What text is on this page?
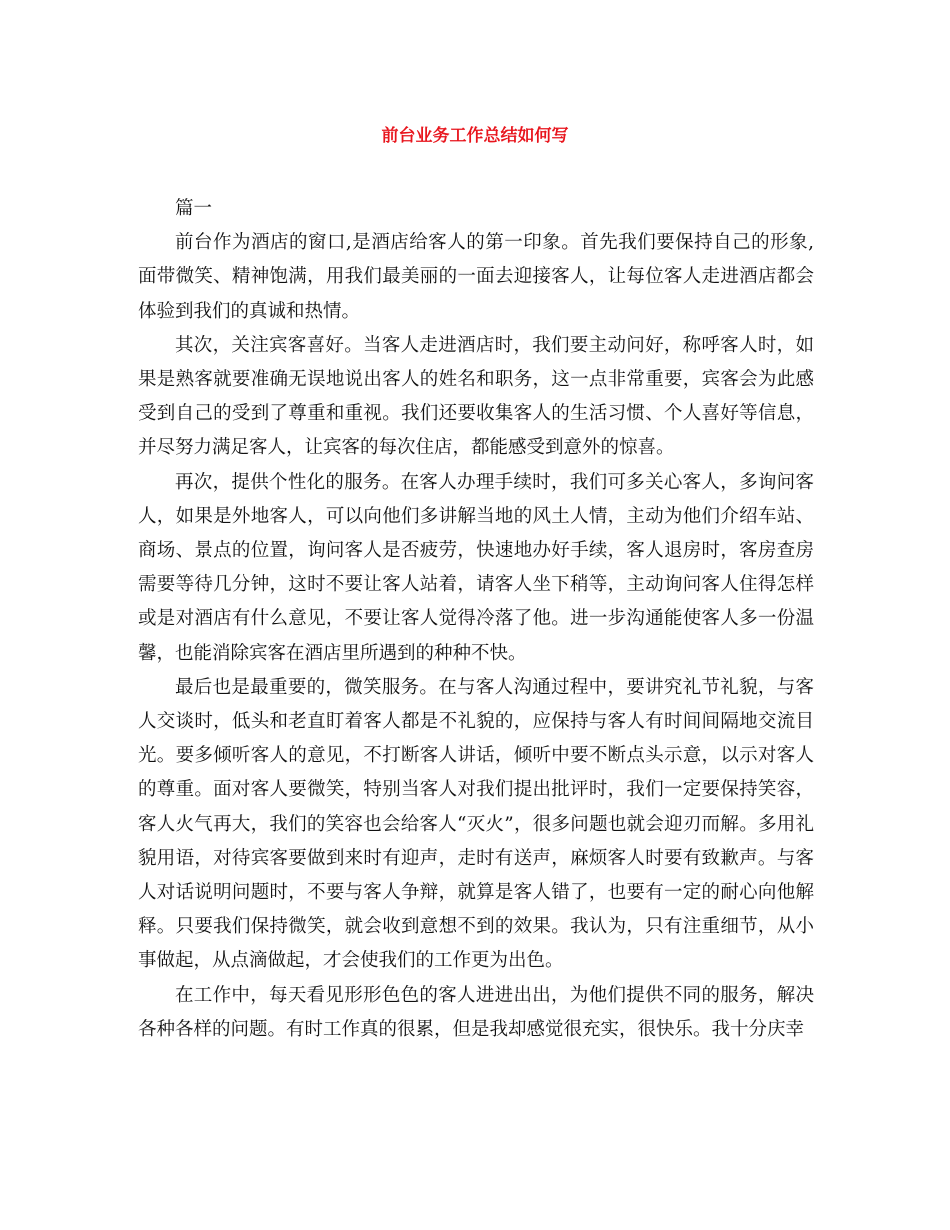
前台业务工作总结如何写

篇一

前台作为酒店的窗口,是酒店给客人的第一印象。首先我们要保持自己的形象,面带微笑、精神饱满，用我们最美丽的一面去迎接客人，让每位客人走进酒店都会体验到我们的真诚和热情。

其次，关注宾客喜好。当客人走进酒店时，我们要主动问好，称呼客人时，如果是熟客就要准确无误地说出客人的姓名和职务，这一点非常重要，宾客会为此感受到自己的受到了尊重和重视。我们还要收集客人的生活习惯、个人喜好等信息，并尽努力满足客人，让宾客的每次住店，都能感受到意外的惊喜。

再次，提供个性化的服务。在客人办理手续时，我们可多关心客人，多询问客人，如果是外地客人，可以向他们多讲解当地的风土人情，主动为他们介绍车站、商场、景点的位置，询问客人是否疲劳，快速地办好手续，客人退房时，客房查房需要等待几分钟，这时不要让客人站着，请客人坐下稍等，主动询问客人住得怎样或是对酒店有什么意见，不要让客人觉得冷落了他。进一步沟通能使客人多一份温馨，也能消除宾客在酒店里所遇到的种种不快。

最后也是最重要的，微笑服务。在与客人沟通过程中，要讲究礼节礼貌，与客人交谈时，低头和老直盯着客人都是不礼貌的，应保持与客人有时间间隔地交流目光。要多倾听客人的意见，不打断客人讲话，倾听中要不断点头示意，以示对客人的尊重。面对客人要微笑，特别当客人对我们提出批评时，我们一定要保持笑容，客人火气再大，我们的笑容也会给客人“灭火”，很多问题也就会迎刃而解。多用礼貌用语，对待宾客要做到来时有迎声，走时有送声，麻烦客人时要有致歉声。与客人对话说明问题时，不要与客人争辩，就算是客人错了，也要有一定的耐心向他解释。只要我们保持微笑，就会收到意想不到的效果。我认为，只有注重细节，从小事做起，从点滴做起，才会使我们的工作更为出色。

在工作中，每天看见形形色色的客人进进出出，为他们提供不同的服务，解决各种各样的问题。有时工作真的很累，但是我却感觉很充实，很快乐。我十分庆幸
